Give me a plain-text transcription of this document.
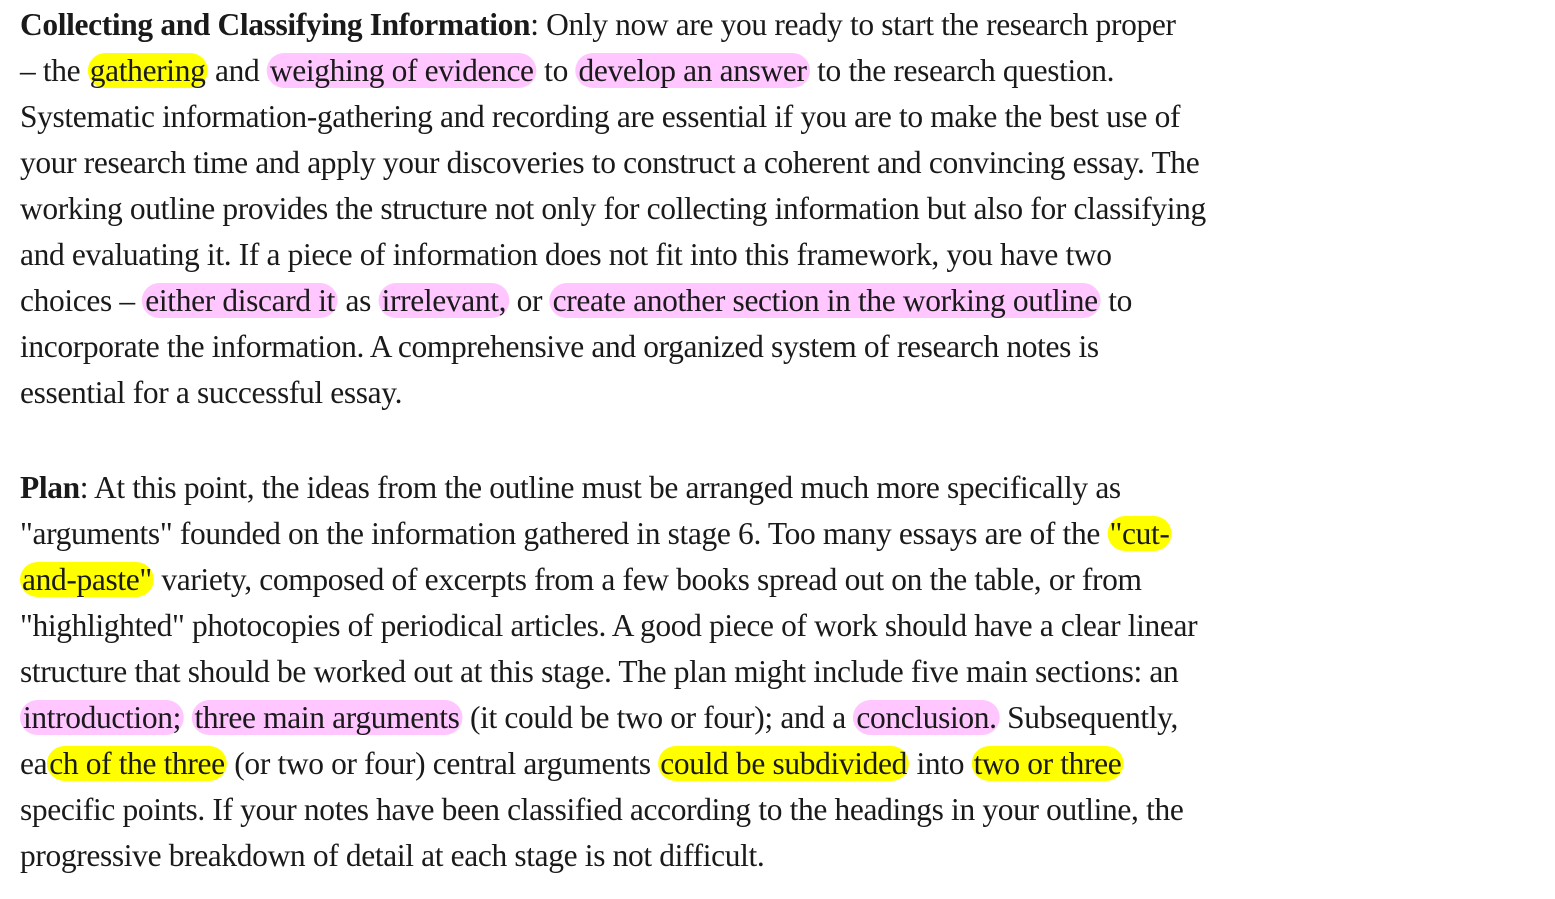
Collecting and Classifying Information: Only now are you ready to start the research proper
– the gathering and weighing of evidence to develop an answer to the research question.
Systematic information-gathering and recording are essential if you are to make the best use of
your research time and apply your discoveries to construct a coherent and convincing essay. The
working outline provides the structure not only for collecting information but also for classifying
and evaluating it. If a piece of information does not fit into this framework, you have two
choices – either discard it as irrelevant, or create another section in the working outline to
incorporate the information. A comprehensive and organized system of research notes is
essential for a successful essay.
Plan: At this point, the ideas from the outline must be arranged much more specifically as
"arguments" founded on the information gathered in stage 6. Too many essays are of the "cut-
and-paste" variety, composed of excerpts from a few books spread out on the table, or from
"highlighted" photocopies of periodical articles. A good piece of work should have a clear linear
structure that should be worked out at this stage. The plan might include five main sections: an
introduction; three main arguments (it could be two or four); and a conclusion. Subsequently,
each of the three (or two or four) central arguments could be subdivided into two or three
specific points. If your notes have been classified according to the headings in your outline, the
progressive breakdown of detail at each stage is not difficult.
